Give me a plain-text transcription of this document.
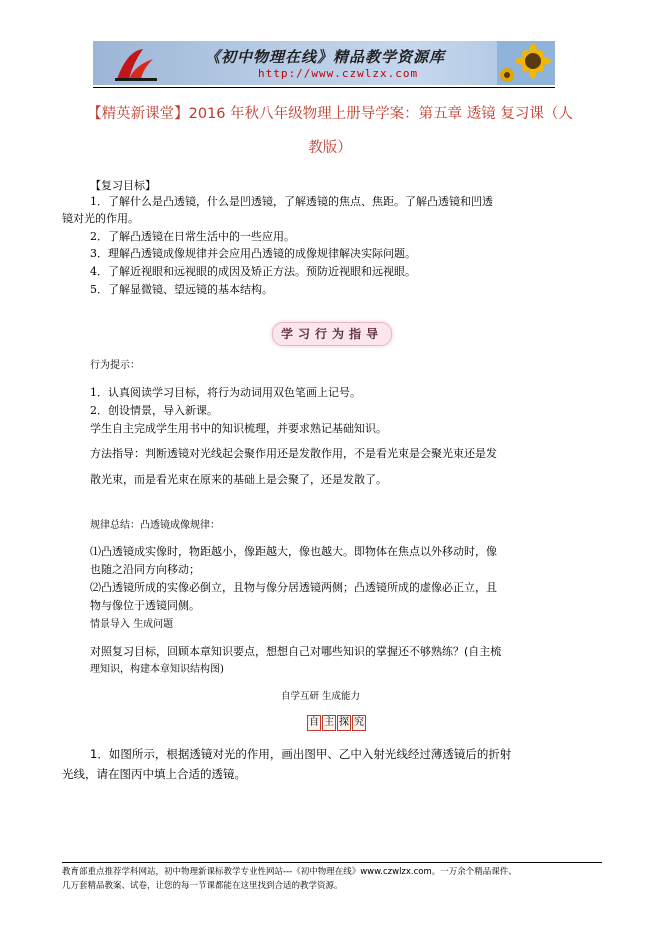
《初中物理在线》精品教学资源库
http://www.czwlzx.com
【精英新课堂】2016 年秋八年级物理上册导学案：第五章 透镜 复习课（人
教版）
【复习目标】
1．了解什么是凸透镜，什么是凹透镜，了解透镜的焦点、焦距。了解凸透镜和凹透
镜对光的作用。
2．了解凸透镜在日常生活中的一些应用。
3．理解凸透镜成像规律并会应用凸透镜的成像规律解决实际问题。
4．了解近视眼和远视眼的成因及矫正方法。预防近视眼和远视眼。
5．了解显微镜、望远镜的基本结构。
学习行为指导
行为提示：
1．认真阅读学习目标，将行为动词用双色笔画上记号。
2．创设情景，导入新课。
学生自主完成学生用书中的知识梳理，并要求熟记基础知识。
方法指导：判断透镜对光线起会聚作用还是发散作用，不是看光束是会聚光束还是发
散光束，而是看光束在原来的基础上是会聚了，还是发散了。
规律总结：凸透镜成像规律：
⑴凸透镜成实像时，物距越小，像距越大，像也越大。即物体在焦点以外移动时，像
也随之沿同方向移动；
⑵凸透镜所成的实像必倒立，且物与像分居透镜两侧；凸透镜所成的虚像必正立，且
物与像位于透镜同侧。
情景导入 生成问题
对照复习目标，回顾本章知识要点，想想自己对哪些知识的掌握还不够熟练？(自主梳
理知识，构建本章知识结构图)
自学互研 生成能力
自 主 探 究
1．如图所示，根据透镜对光的作用，画出图甲、乙中入射光线经过薄透镜后的折射
光线，请在图丙中填上合适的透镜。
教育部重点推荐学科网站，初中物理新课标教学专业性网站---《初中物理在线》www.czwlzx.com。一万余个精品课件、
几万套精品教案、试卷，让您的每一节课都能在这里找到合适的教学资源。
